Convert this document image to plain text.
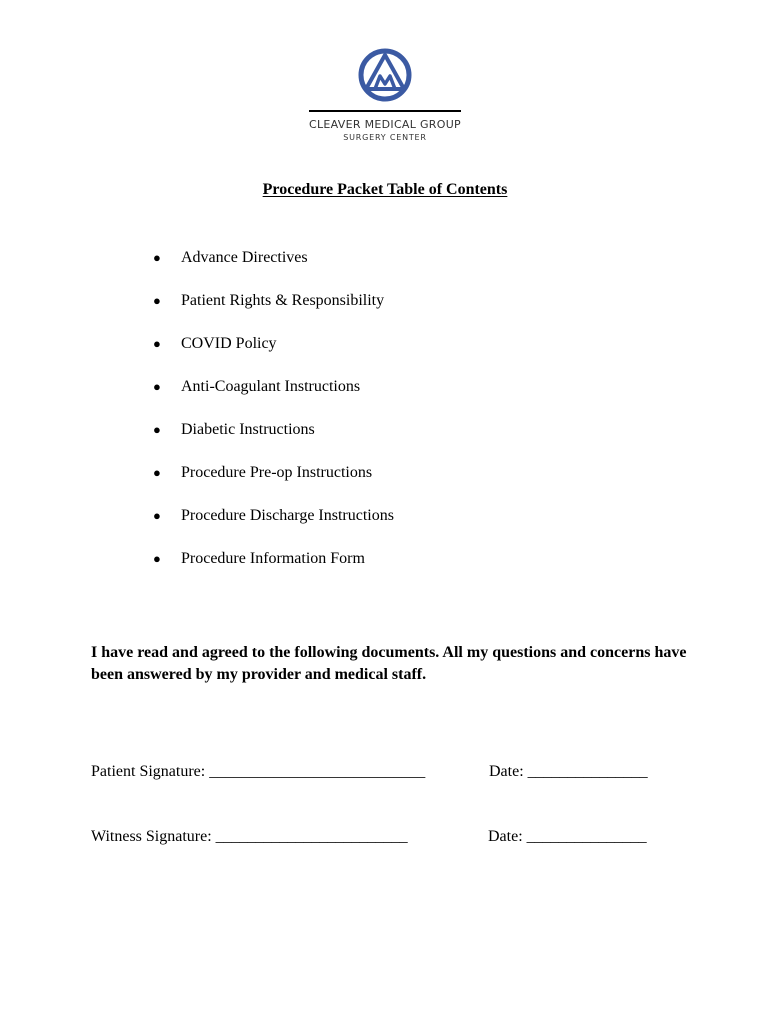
CLEAVER MEDICAL GROUP
SURGERY CENTER
Procedure Packet Table of Contents
●	Advance Directives
●	Patient Rights & Responsibility
●	COVID Policy
●	Anti-Coagulant Instructions
●	Diabetic Instructions
●	Procedure Pre-op Instructions
●	Procedure Discharge Instructions
●	Procedure Information Form
I have read and agreed to the following documents. All my questions and concerns have been answered by my provider and medical staff.
Patient Signature: ___________________________	Date: _______________
Witness Signature: ________________________	Date: _______________
